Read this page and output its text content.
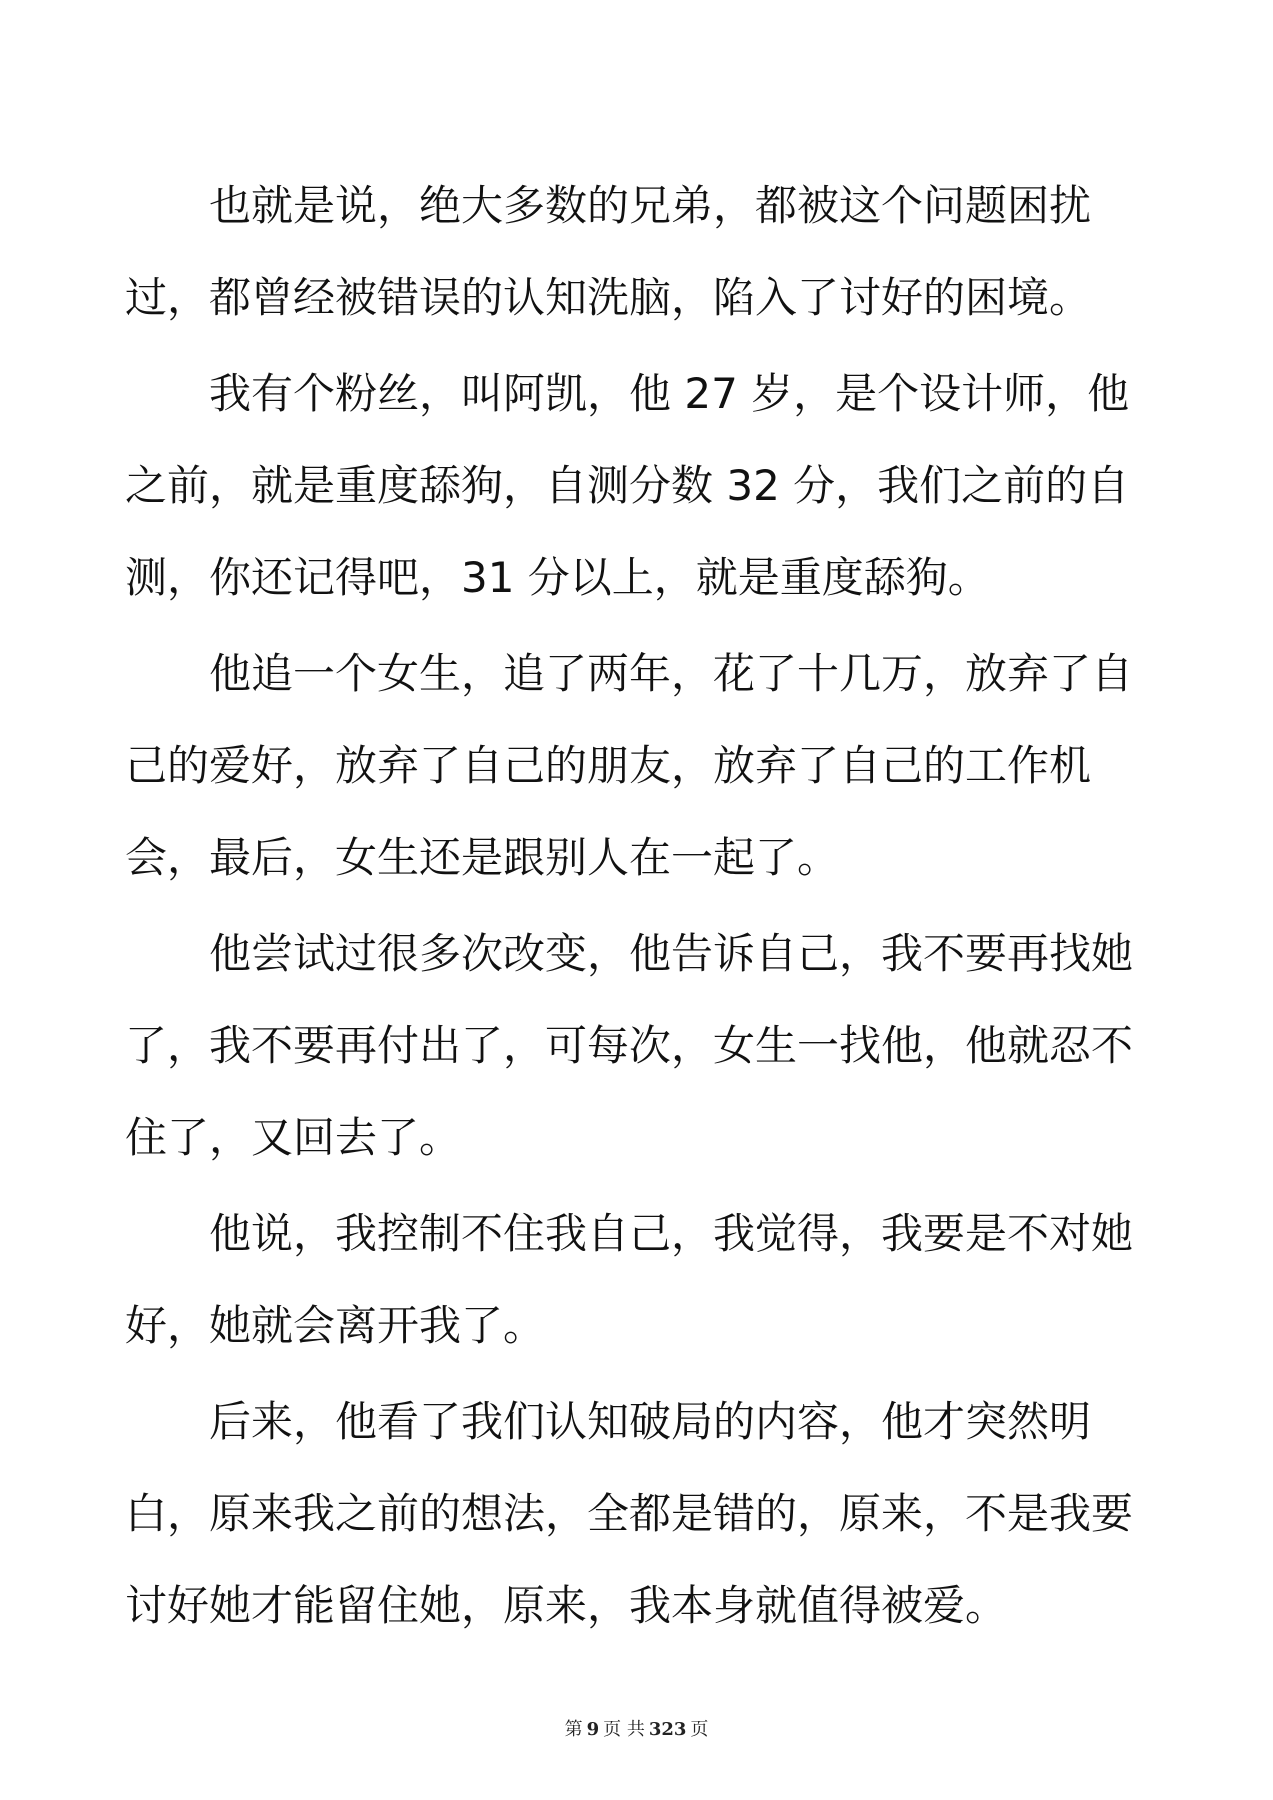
也就是说，绝大多数的兄弟，都被这个问题困扰过，都曾经被错误的认知洗脑，陷入了讨好的困境。

我有个粉丝，叫阿凯，他 27 岁，是个设计师，他之前，就是重度舔狗，自测分数 32 分，我们之前的自测，你还记得吧，31 分以上，就是重度舔狗。

他追一个女生，追了两年，花了十几万，放弃了自己的爱好，放弃了自己的朋友，放弃了自己的工作机会，最后，女生还是跟别人在一起了。

他尝试过很多次改变，他告诉自己，我不要再找她了，我不要再付出了，可每次，女生一找他，他就忍不住了，又回去了。

他说，我控制不住我自己，我觉得，我要是不对她好，她就会离开我了。

后来，他看了我们认知破局的内容，他才突然明白，原来我之前的想法，全都是错的，原来，不是我要讨好她才能留住她，原来，我本身就值得被爱。

第 9 页 共 323 页
